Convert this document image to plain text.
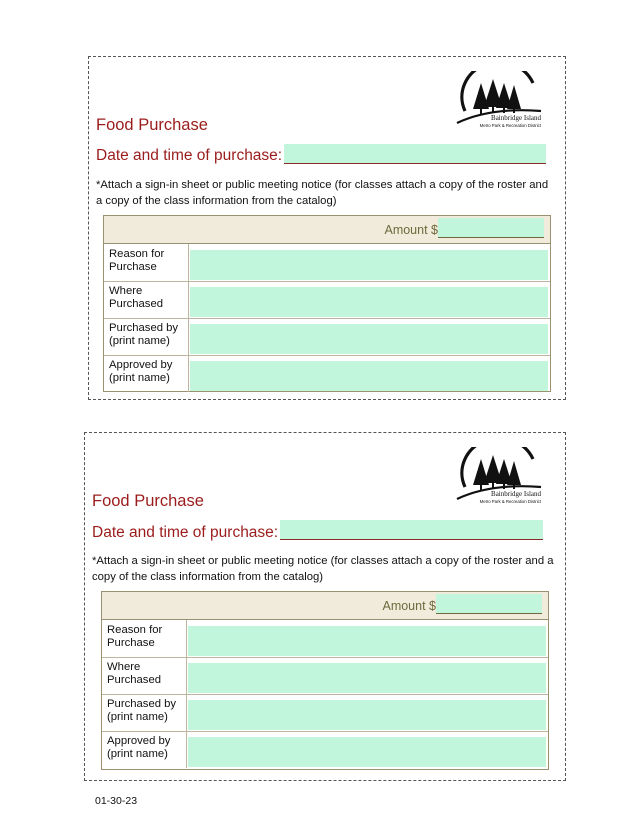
Bainbridge Island
Metro Park & Recreation District
Food Purchase
Date and time of purchase:
*Attach a sign-in sheet or public meeting notice (for classes attach a copy of the roster and a copy of the class information from the catalog)
Amount $
Reason for Purchase
Where Purchased
Purchased by (print name)
Approved by (print name)
Bainbridge Island
Metro Park & Recreation District
Food Purchase
Date and time of purchase:
*Attach a sign-in sheet or public meeting notice (for classes attach a copy of the roster and a copy of the class information from the catalog)
Amount $
Reason for Purchase
Where Purchased
Purchased by (print name)
Approved by (print name)
01-30-23
